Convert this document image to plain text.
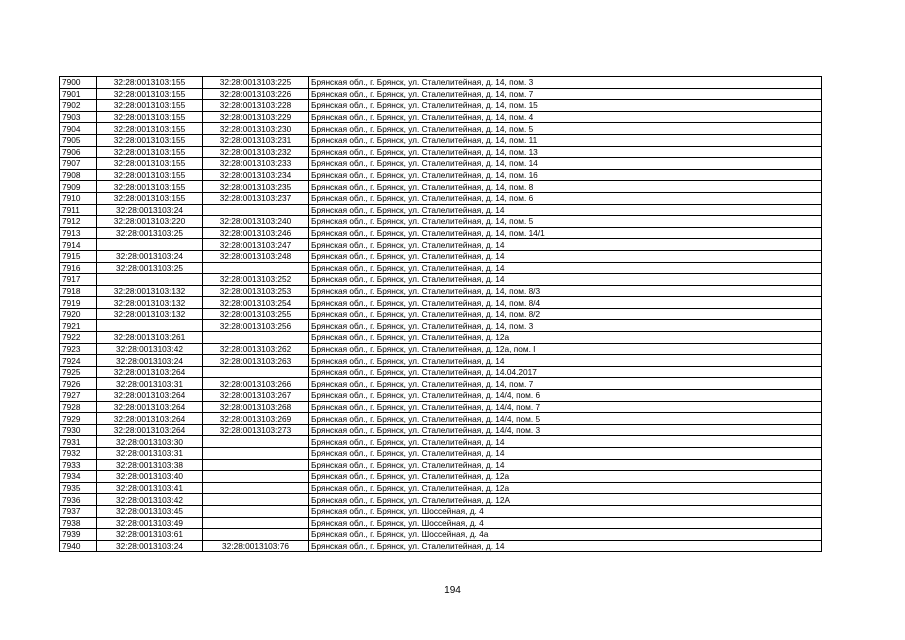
7900	32:28:0013103:155	32:28:0013103:225	Брянская обл., г. Брянск, ул. Сталелитейная, д. 14, пом. 3
7901	32:28:0013103:155	32:28:0013103:226	Брянская обл., г. Брянск, ул. Сталелитейная, д. 14, пом. 7
7902	32:28:0013103:155	32:28:0013103:228	Брянская обл., г. Брянск, ул. Сталелитейная, д. 14, пом. 15
7903	32:28:0013103:155	32:28:0013103:229	Брянская обл., г. Брянск, ул. Сталелитейная, д. 14, пом. 4
7904	32:28:0013103:155	32:28:0013103:230	Брянская обл., г. Брянск, ул. Сталелитейная, д. 14, пом. 5
7905	32:28:0013103:155	32:28:0013103:231	Брянская обл., г. Брянск, ул. Сталелитейная, д. 14, пом. 11
7906	32:28:0013103:155	32:28:0013103:232	Брянская обл., г. Брянск, ул. Сталелитейная, д. 14, пом. 13
7907	32:28:0013103:155	32:28:0013103:233	Брянская обл., г. Брянск, ул. Сталелитейная, д. 14, пом. 14
7908	32:28:0013103:155	32:28:0013103:234	Брянская обл., г. Брянск, ул. Сталелитейная, д. 14, пом. 16
7909	32:28:0013103:155	32:28:0013103:235	Брянская обл., г. Брянск, ул. Сталелитейная, д. 14, пом. 8
7910	32:28:0013103:155	32:28:0013103:237	Брянская обл., г. Брянск, ул. Сталелитейная, д. 14, пом. 6
7911	32:28:0013103:24		Брянская обл., г. Брянск, ул. Сталелитейная, д. 14
7912	32:28:0013103:220	32:28:0013103:240	Брянская обл., г. Брянск, ул. Сталелитейная, д. 14, пом. 5
7913	32:28:0013103:25	32:28:0013103:246	Брянская обл., г. Брянск, ул. Сталелитейная, д. 14, пом. 14/1
7914		32:28:0013103:247	Брянская обл., г. Брянск, ул. Сталелитейная, д. 14
7915	32:28:0013103:24	32:28:0013103:248	Брянская обл., г. Брянск, ул. Сталелитейная, д. 14
7916	32:28:0013103:25		Брянская обл., г. Брянск, ул. Сталелитейная, д. 14
7917		32:28:0013103:252	Брянская обл., г. Брянск, ул. Сталелитейная, д. 14
7918	32:28:0013103:132	32:28:0013103:253	Брянская обл., г. Брянск, ул. Сталелитейная, д. 14, пом. 8/3
7919	32:28:0013103:132	32:28:0013103:254	Брянская обл., г. Брянск, ул. Сталелитейная, д. 14, пом. 8/4
7920	32:28:0013103:132	32:28:0013103:255	Брянская обл., г. Брянск, ул. Сталелитейная, д. 14, пом. 8/2
7921		32:28:0013103:256	Брянская обл., г. Брянск, ул. Сталелитейная, д. 14, пом. 3
7922	32:28:0013103:261		Брянская обл., г. Брянск, ул. Сталелитейная, д. 12а
7923	32:28:0013103:42	32:28:0013103:262	Брянская обл., г. Брянск, ул. Сталелитейная, д. 12а, пом. I
7924	32:28:0013103:24	32:28:0013103:263	Брянская обл., г. Брянск, ул. Сталелитейная, д. 14
7925	32:28:0013103:264		Брянская обл., г. Брянск, ул. Сталелитейная, д. 14.04.2017
7926	32:28:0013103:31	32:28:0013103:266	Брянская обл., г. Брянск, ул. Сталелитейная, д. 14, пом. 7
7927	32:28:0013103:264	32:28:0013103:267	Брянская обл., г. Брянск, ул. Сталелитейная, д. 14/4, пом. 6
7928	32:28:0013103:264	32:28:0013103:268	Брянская обл., г. Брянск, ул. Сталелитейная, д. 14/4, пом. 7
7929	32:28:0013103:264	32:28:0013103:269	Брянская обл., г. Брянск, ул. Сталелитейная, д. 14/4, пом. 5
7930	32:28:0013103:264	32:28:0013103:273	Брянская обл., г. Брянск, ул. Сталелитейная, д. 14/4, пом. 3
7931	32:28:0013103:30		Брянская обл., г. Брянск, ул. Сталелитейная, д. 14
7932	32:28:0013103:31		Брянская обл., г. Брянск, ул. Сталелитейная, д. 14
7933	32:28:0013103:38		Брянская обл., г. Брянск, ул. Сталелитейная, д. 14
7934	32:28:0013103:40		Брянская обл., г. Брянск, ул. Сталелитейная, д. 12а
7935	32:28:0013103:41		Брянская обл., г. Брянск, ул. Сталелитейная, д. 12а
7936	32:28:0013103:42		Брянская обл., г. Брянск, ул. Сталелитейная, д. 12А
7937	32:28:0013103:45		Брянская обл., г. Брянск, ул. Шоссейная, д. 4
7938	32:28:0013103:49		Брянская обл., г. Брянск, ул. Шоссейная, д. 4
7939	32:28:0013103:61		Брянская обл., г. Брянск, ул. Шоссейная, д. 4а
7940	32:28:0013103:24	32:28:0013103:76	Брянская обл., г. Брянск, ул. Сталелитейная, д. 14
194
